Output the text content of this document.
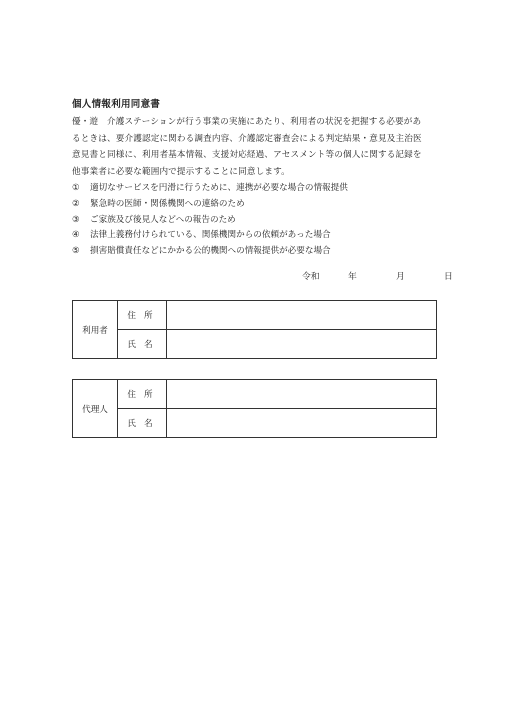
個人情報利用同意書
優・遊　介護ステーションが行う事業の実施にあたり、利用者の状況を把握する必要があ
るときは、要介護認定に関わる調査内容、介護認定審査会による判定結果・意見及主治医
意見書と同様に、利用者基本情報、支援対応経過、アセスメント等の個人に関する記録を
他事業者に必要な範囲内で提示することに同意します。
①	適切なサービスを円滑に行うために、連携が必要な場合の情報提供
②	緊急時の医師・関係機関への連絡のため
③	ご家族及び後見人などへの報告のため
④	法律上義務付けられている、関係機関からの依頼があった場合
⑤	損害賠償責任などにかかる公的機関への情報提供が必要な場合
令和	年	月	日
利用者	住所	
	氏名	
代理人	住所	
	氏名	
